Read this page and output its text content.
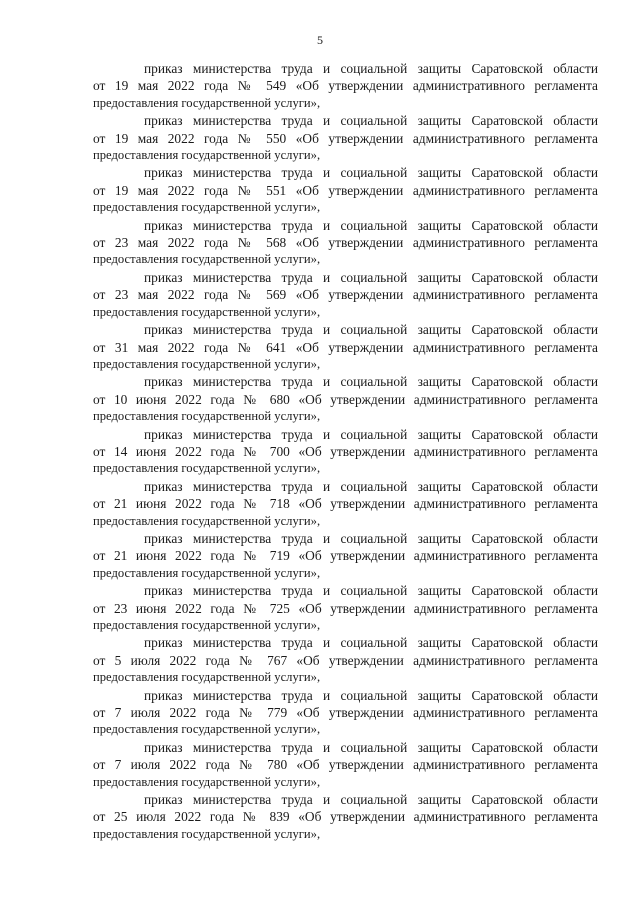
5
приказ министерства труда и социальной защиты Саратовской области
от 19 мая 2022 года № 549 «Об утверждении административного регламента
предоставления государственной услуги»,
приказ министерства труда и социальной защиты Саратовской области
от 19 мая 2022 года № 550 «Об утверждении административного регламента
предоставления государственной услуги»,
приказ министерства труда и социальной защиты Саратовской области
от 19 мая 2022 года № 551 «Об утверждении административного регламента
предоставления государственной услуги»,
приказ министерства труда и социальной защиты Саратовской области
от 23 мая 2022 года № 568 «Об утверждении административного регламента
предоставления государственной услуги»,
приказ министерства труда и социальной защиты Саратовской области
от 23 мая 2022 года № 569 «Об утверждении административного регламента
предоставления государственной услуги»,
приказ министерства труда и социальной защиты Саратовской области
от 31 мая 2022 года № 641 «Об утверждении административного регламента
предоставления государственной услуги»,
приказ министерства труда и социальной защиты Саратовской области
от 10 июня 2022 года № 680 «Об утверждении административного регламента
предоставления государственной услуги»,
приказ министерства труда и социальной защиты Саратовской области
от 14 июня 2022 года № 700 «Об утверждении административного регламента
предоставления государственной услуги»,
приказ министерства труда и социальной защиты Саратовской области
от 21 июня 2022 года № 718 «Об утверждении административного регламента
предоставления государственной услуги»,
приказ министерства труда и социальной защиты Саратовской области
от 21 июня 2022 года № 719 «Об утверждении административного регламента
предоставления государственной услуги»,
приказ министерства труда и социальной защиты Саратовской области
от 23 июня 2022 года № 725 «Об утверждении административного регламента
предоставления государственной услуги»,
приказ министерства труда и социальной защиты Саратовской области
от 5 июля 2022 года № 767 «Об утверждении административного регламента
предоставления государственной услуги»,
приказ министерства труда и социальной защиты Саратовской области
от 7 июля 2022 года № 779 «Об утверждении административного регламента
предоставления государственной услуги»,
приказ министерства труда и социальной защиты Саратовской области
от 7 июля 2022 года № 780 «Об утверждении административного регламента
предоставления государственной услуги»,
приказ министерства труда и социальной защиты Саратовской области
от 25 июля 2022 года № 839 «Об утверждении административного регламента
предоставления государственной услуги»,
